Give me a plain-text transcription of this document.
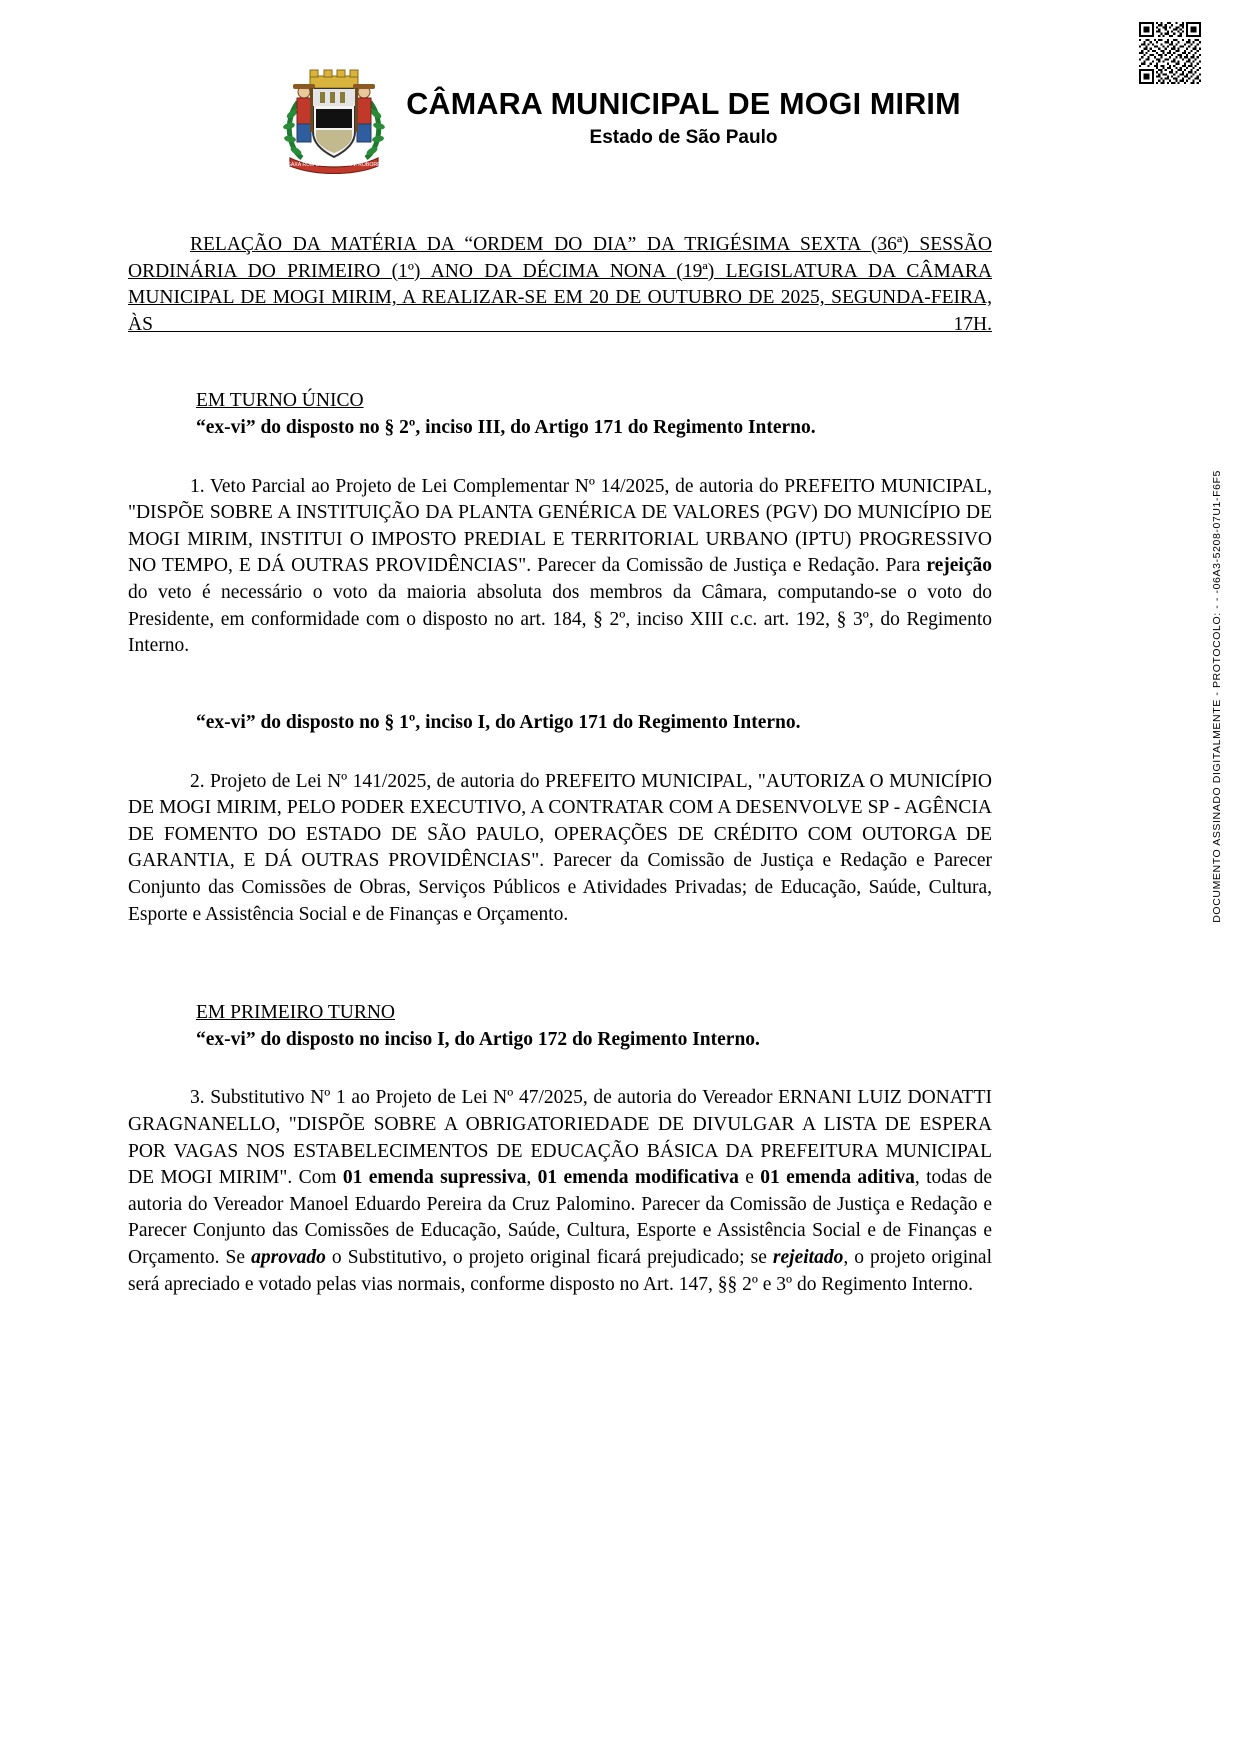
SAXA RUM E PAULISTARUM ROBORE
CÂMARA MUNICIPAL DE MOGI MIRIM
Estado de São Paulo
DOCUMENTO ASSINADO DIGITALMENTE - PROTOCOLO: - - -06A3-5208-07U1-F6F5

RELAÇÃO DA MATÉRIA DA “ORDEM DO DIA” DA TRIGÉSIMA SEXTA (36ª) SESSÃO ORDINÁRIA DO PRIMEIRO (1º) ANO DA DÉCIMA NONA (19ª) LEGISLATURA DA CÂMARA MUNICIPAL DE MOGI MIRIM, A REALIZAR-SE EM 20 DE OUTUBRO DE 2025, SEGUNDA-FEIRA, ÀS 17H.

EM TURNO ÚNICO

“ex-vi” do disposto no § 2º, inciso III, do Artigo 171 do Regimento Interno.

1. Veto Parcial ao Projeto de Lei Complementar Nº 14/2025, de autoria do PREFEITO MUNICIPAL, "DISPÕE SOBRE A INSTITUIÇÃO DA PLANTA GENÉRICA DE VALORES (PGV) DO MUNICÍPIO DE MOGI MIRIM, INSTITUI O IMPOSTO PREDIAL E TERRITORIAL URBANO (IPTU) PROGRESSIVO NO TEMPO, E DÁ OUTRAS PROVIDÊNCIAS". Parecer da Comissão de Justiça e Redação. Para rejeição do veto é necessário o voto da maioria absoluta dos membros da Câmara, computando-se o voto do Presidente, em conformidade com o disposto no art. 184, § 2º, inciso XIII c.c. art. 192, § 3º, do Regimento Interno.

“ex-vi” do disposto no § 1º, inciso I, do Artigo 171 do Regimento Interno.

2. Projeto de Lei Nº 141/2025, de autoria do PREFEITO MUNICIPAL, "AUTORIZA O MUNICÍPIO DE MOGI MIRIM, PELO PODER EXECUTIVO, A CONTRATAR COM A DESENVOLVE SP - AGÊNCIA DE FOMENTO DO ESTADO DE SÃO PAULO, OPERAÇÕES DE CRÉDITO COM OUTORGA DE GARANTIA, E DÁ OUTRAS PROVIDÊNCIAS". Parecer da Comissão de Justiça e Redação e Parecer Conjunto das Comissões de Obras, Serviços Públicos e Atividades Privadas; de Educação, Saúde, Cultura, Esporte e Assistência Social e de Finanças e Orçamento.

EM PRIMEIRO TURNO

“ex-vi” do disposto no inciso I, do Artigo 172 do Regimento Interno.

3. Substitutivo Nº 1 ao Projeto de Lei Nº 47/2025, de autoria do Vereador ERNANI LUIZ DONATTI GRAGNANELLO, "DISPÕE SOBRE A OBRIGATORIEDADE DE DIVULGAR A LISTA DE ESPERA POR VAGAS NOS ESTABELECIMENTOS DE EDUCAÇÃO BÁSICA DA PREFEITURA MUNICIPAL DE MOGI MIRIM". Com 01 emenda supressiva, 01 emenda modificativa e 01 emenda aditiva, todas de autoria do Vereador Manoel Eduardo Pereira da Cruz Palomino. Parecer da Comissão de Justiça e Redação e Parecer Conjunto das Comissões de Educação, Saúde, Cultura, Esporte e Assistência Social e de Finanças e Orçamento. Se aprovado o Substitutivo, o projeto original ficará prejudicado; se rejeitado, o projeto original será apreciado e votado pelas vias normais, conforme disposto no Art. 147, §§ 2º e 3º do Regimento Interno.
